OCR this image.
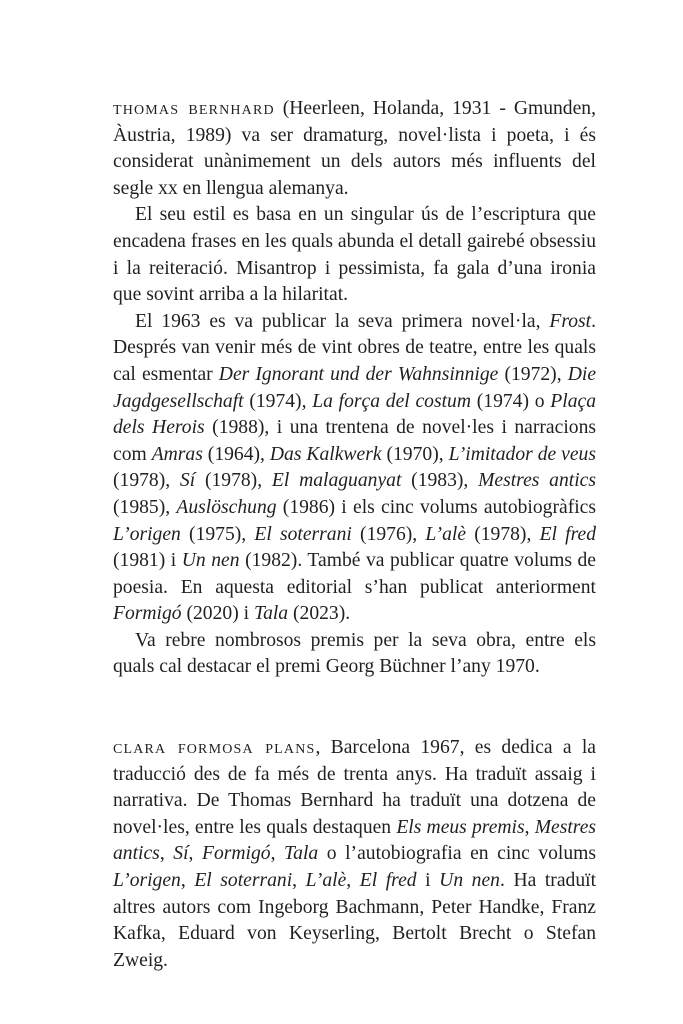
thomas bernhard (Heerleen, Holanda, 1931 - Gmunden, Àustria, 1989) va ser dramaturg, novel·lista i poeta, i és considerat unànimement un dels autors més influents del segle xx en llengua alemanya.

El seu estil es basa en un singular ús de l’escriptura que encadena frases en les quals abunda el detall gairebé obsessiu i la reiteració. Misantrop i pessimista, fa gala d’una ironia que sovint arriba a la hilaritat.

El 1963 es va publicar la seva primera novel·la, Frost. Després van venir més de vint obres de teatre, entre les quals cal esmentar Der Ignorant und der Wahnsinnige (1972), Die Jagdgesellschaft (1974), La força del costum (1974) o Plaça dels Herois (1988), i una trentena de novel·les i narracions com Amras (1964), Das Kalkwerk (1970), L’imitador de veus (1978), Sí (1978), El malaguanyat (1983), Mestres antics (1985), Auslöschung (1986) i els cinc volums autobiogràfics L’origen (1975), El soterrani (1976), L’alè (1978), El fred (1981) i Un nen (1982). També va publicar quatre volums de poesia. En aquesta editorial s’han publicat anteriorment Formigó (2020) i Tala (2023).

Va rebre nombrosos premis per la seva obra, entre els quals cal destacar el premi Georg Büchner l’any 1970.

clara formosa plans, Barcelona 1967, es dedica a la traducció des de fa més de trenta anys. Ha traduït assaig i narrativa. De Thomas Bernhard ha traduït una dotzena de novel·les, entre les quals destaquen Els meus premis, Mestres antics, Sí, Formigó, Tala o l’autobiografia en cinc volums L’origen, El soterrani, L’alè, El fred i Un nen. Ha traduït altres autors com Ingeborg Bachmann, Peter Handke, Franz Kafka, Eduard von Keyserling, Bertolt Brecht o Stefan Zweig.
